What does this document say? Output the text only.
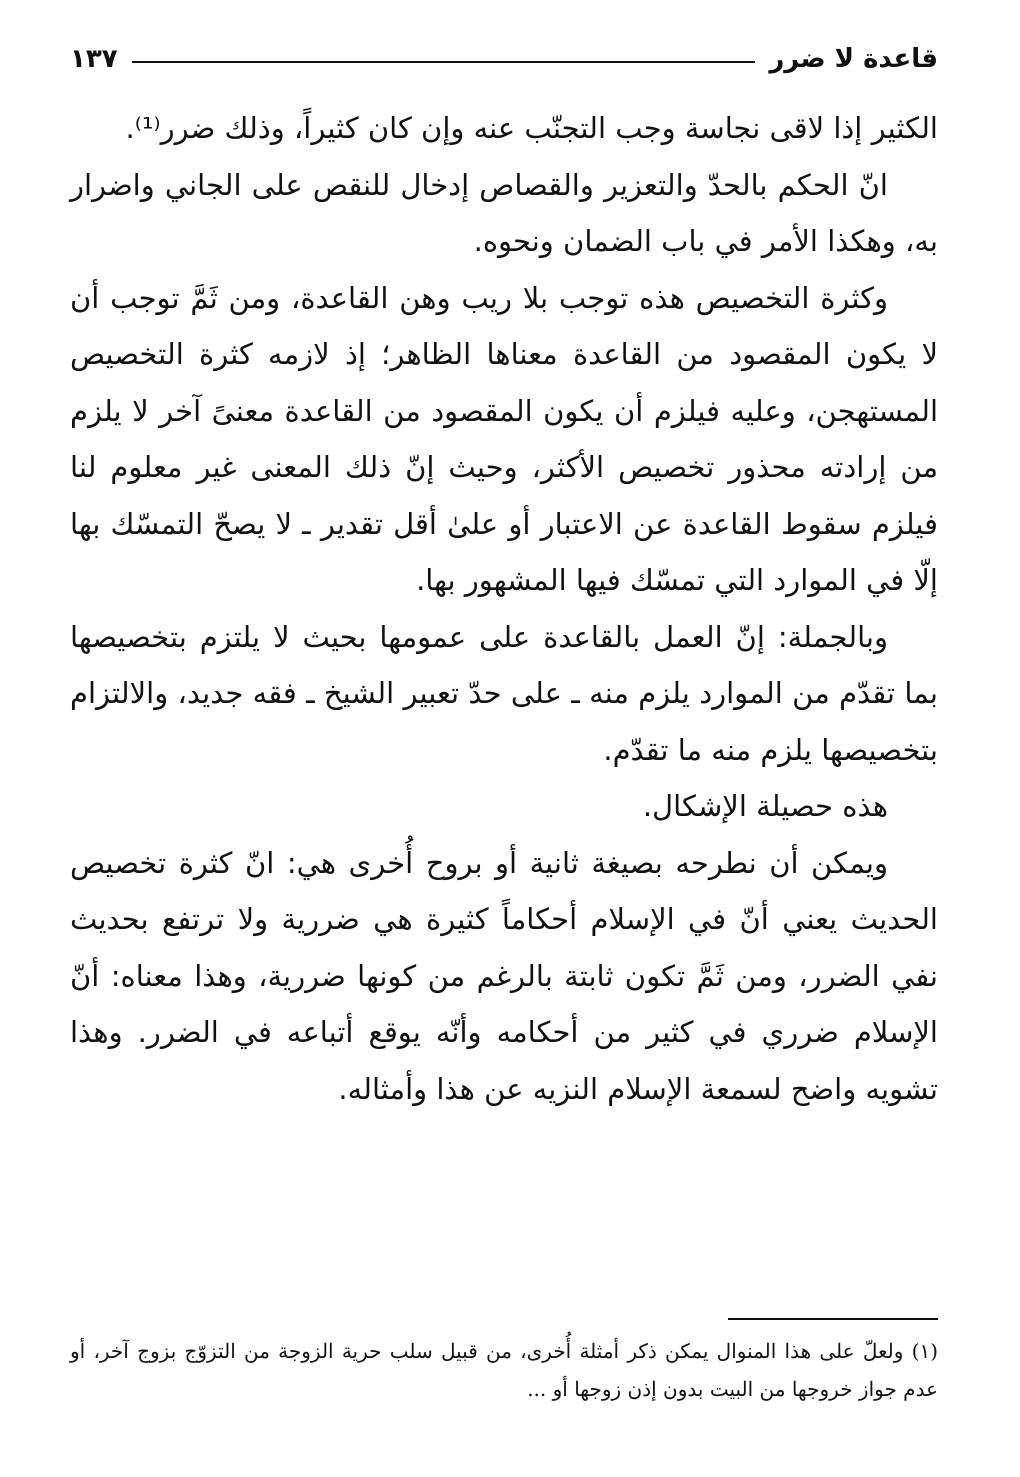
قاعدة لا ضرر
١٣٧

الكثير إذا لاقى نجاسة وجب التجنّب عنه وإن كان كثيراً، وذلك ضرر⁽¹⁾.

انّ الحكم بالحدّ والتعزير والقصاص إدخال للنقص على الجاني واضرار به، وهكذا الأمر في باب الضمان ونحوه.

وكثرة التخصيص هذه توجب بلا ريب وهن القاعدة، ومن ثَمَّ توجب أن لا يكون المقصود من القاعدة معناها الظاهر؛ إذ لازمه كثرة التخصيص المستهجن، وعليه فيلزم أن يكون المقصود من القاعدة معنىً آخر لا يلزم من إرادته محذور تخصيص الأكثر، وحيث إنّ ذلك المعنى غير معلوم لنا فيلزم سقوط القاعدة عن الاعتبار أو علىٰ أقل تقدير ـ لا يصحّ التمسّك بها إلّا في الموارد التي تمسّك فيها المشهور بها.

وبالجملة: إنّ العمل بالقاعدة على عمومها بحيث لا يلتزم بتخصيصها بما تقدّم من الموارد يلزم منه ـ على حدّ تعبير الشيخ ـ فقه جديد، والالتزام بتخصيصها يلزم منه ما تقدّم.

هذه حصيلة الإشكال.

ويمكن أن نطرحه بصيغة ثانية أو بروح أُخرى هي: انّ كثرة تخصيص الحديث يعني أنّ في الإسلام أحكاماً كثيرة هي ضررية ولا ترتفع بحديث نفي الضرر، ومن ثَمَّ تكون ثابتة بالرغم من كونها ضررية، وهذا معناه: أنّ الإسلام ضرري في كثير من أحكامه وأنّه يوقع أتباعه في الضرر. وهذا تشويه واضح لسمعة الإسلام النزيه عن هذا وأمثاله.

(١) ولعلّ على هذا المنوال يمكن ذكر أمثلة أُخرى، من قبيل سلب حرية الزوجة من التزوّج بزوج آخر، أو عدم جواز خروجها من البيت بدون إذن زوجها أو ...
